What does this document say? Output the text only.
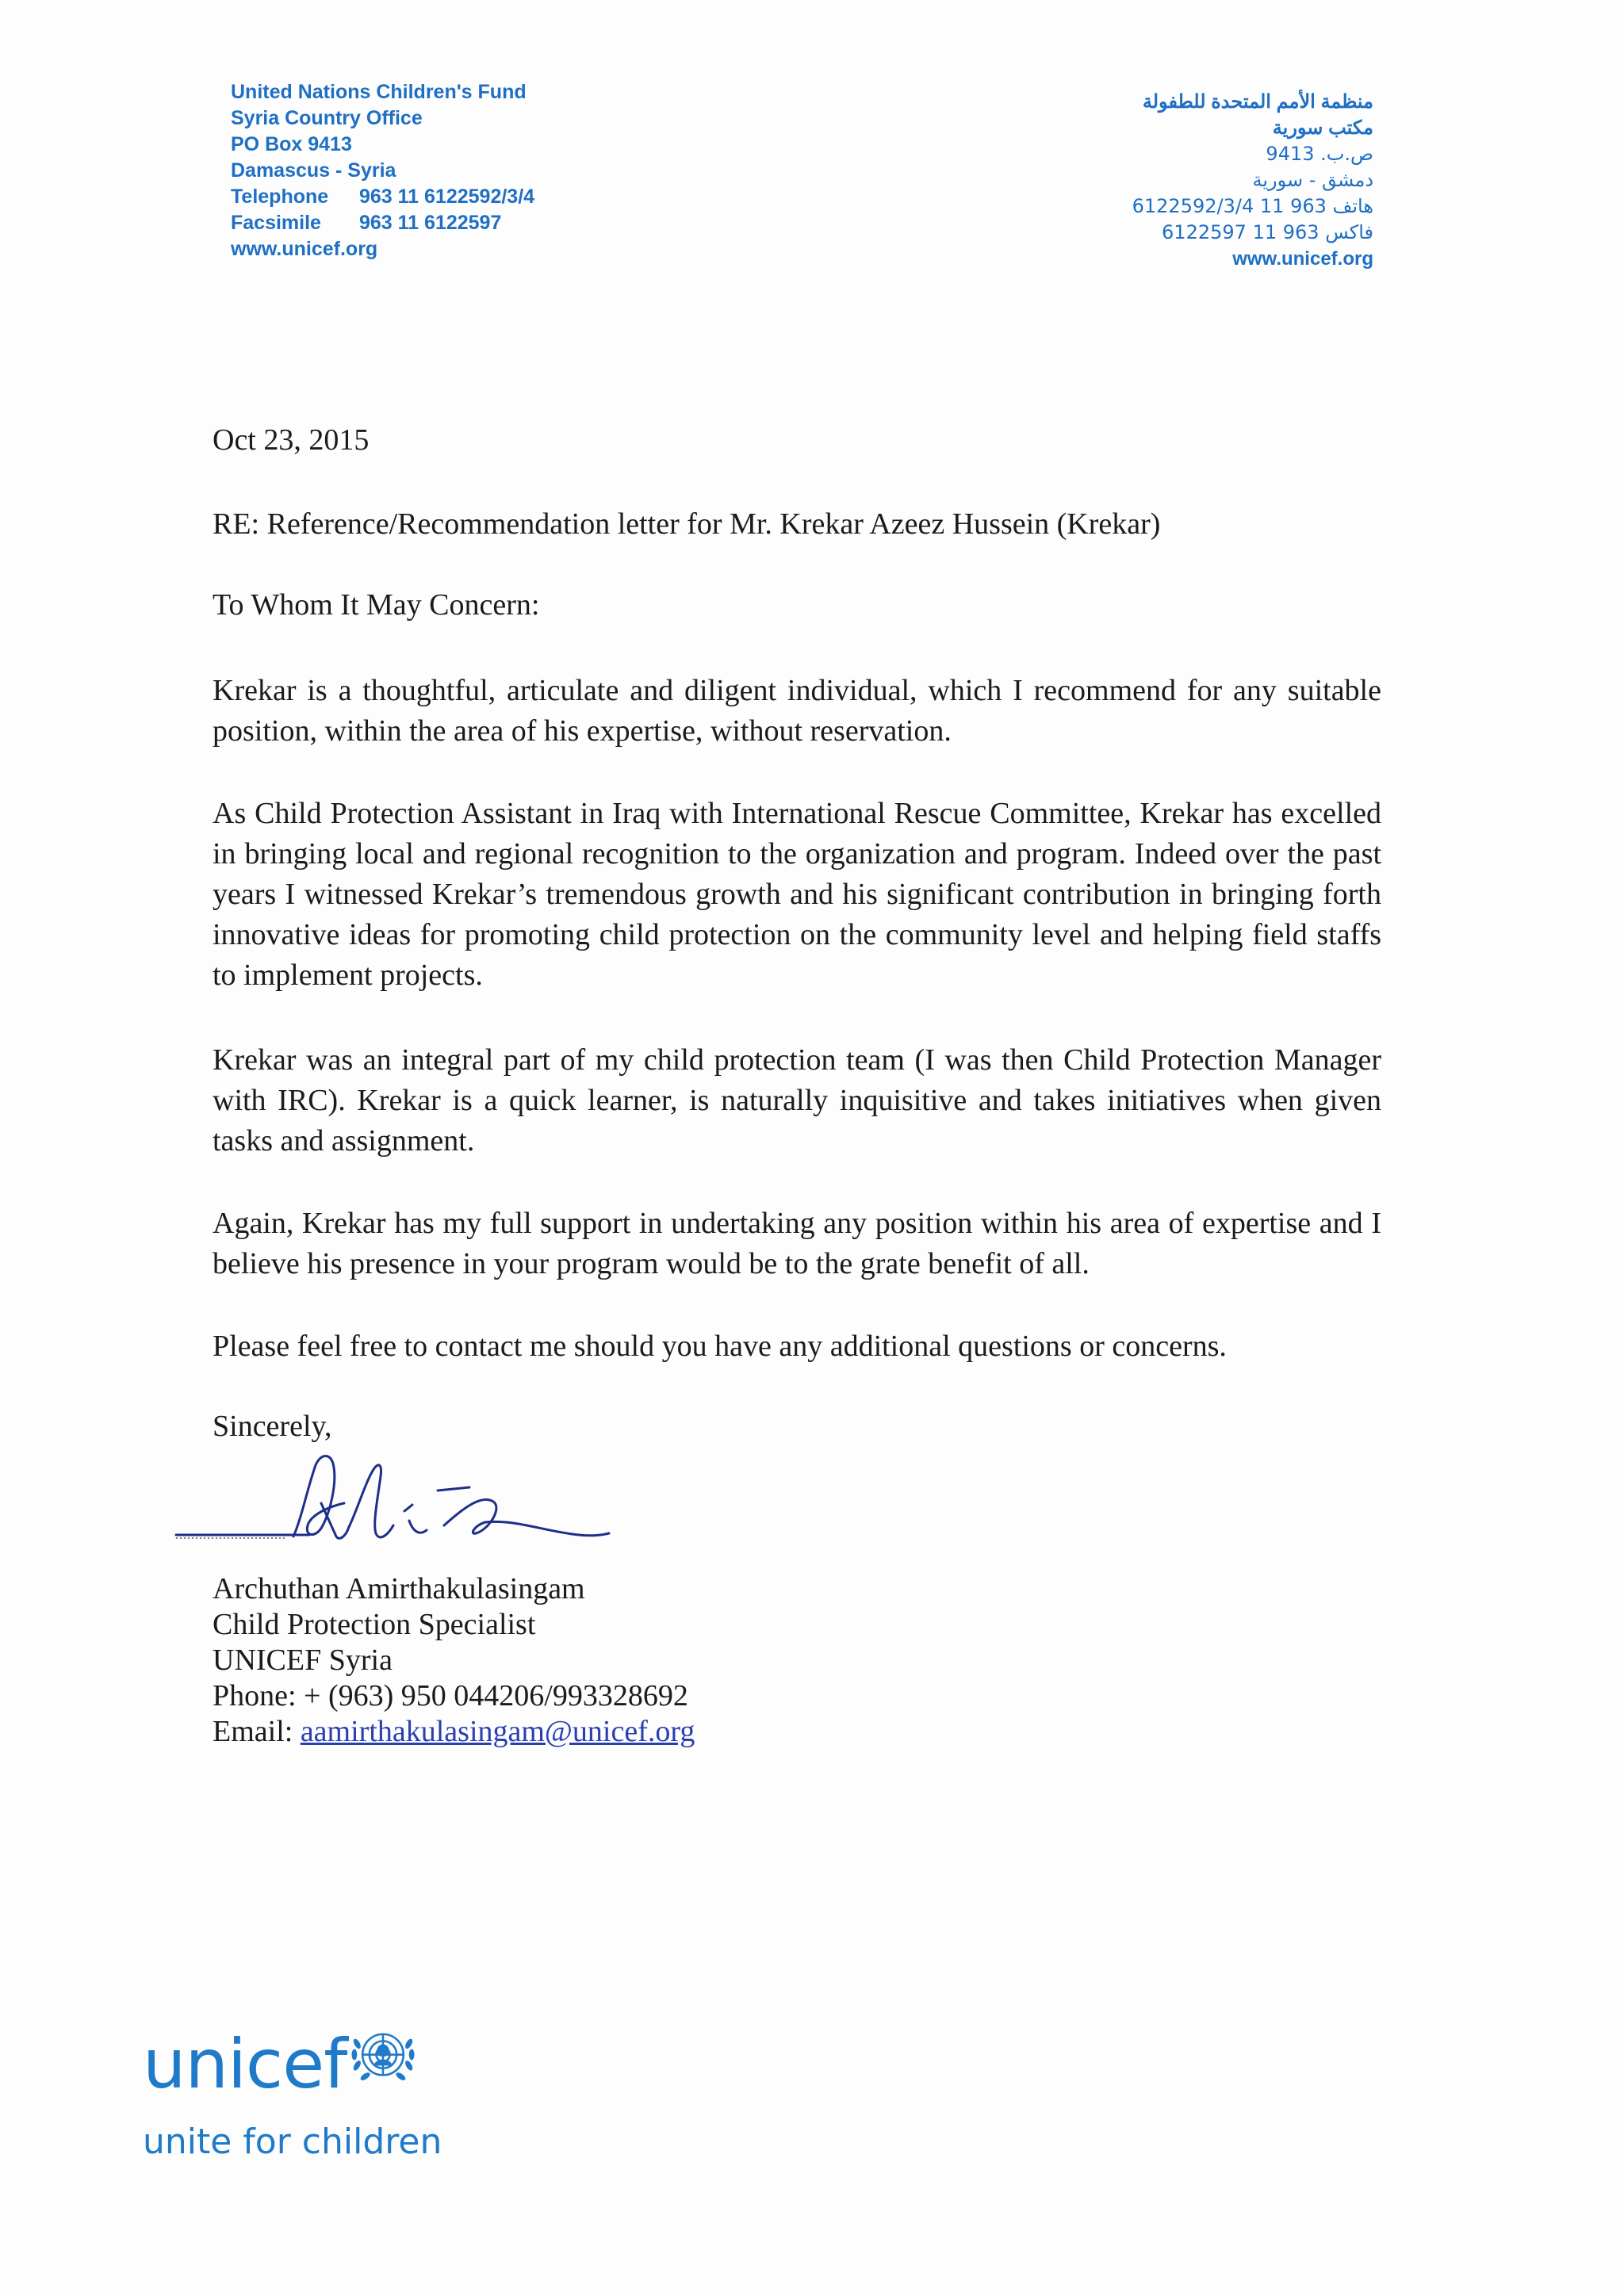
United Nations Children's Fund
Syria Country Office
PO Box 9413
Damascus - Syria
Telephone 963 11 6122592/3/4
Facsimile 963 11 6122597
www.unicef.org
منظمة الأمم المتحدة للطفولة
مكتب سورية
ص.ب. 9413
دمشق - سورية
هاتف 963 11 6122592/3/4
فاكس 963 11 6122597
www.unicef.org

Oct 23, 2015

RE: Reference/Recommendation letter for Mr. Krekar Azeez Hussein (Krekar)

To Whom It May Concern:

Krekar is a thoughtful, articulate and diligent individual, which I recommend for any suitable position, within the area of his expertise, without reservation.

As Child Protection Assistant in Iraq with International Rescue Committee, Krekar has excelled in bringing local and regional recognition to the organization and program. Indeed over the past years I witnessed Krekar’s tremendous growth and his significant contribution in bringing forth innovative ideas for promoting child protection on the community level and helping field staffs to implement projects.

Krekar was an integral part of my child protection team (I was then Child Protection Manager with IRC). Krekar is a quick learner, is naturally inquisitive and takes initiatives when given tasks and assignment.

Again, Krekar has my full support in undertaking any position within his area of expertise and I believe his presence in your program would be to the grate benefit of all.

Please feel free to contact me should you have any additional questions or concerns.

Sincerely,

Archuthan Amirthakulasingam
Child Protection Specialist
UNICEF Syria
Phone: + (963) 950 044206/993328692
Email: aamirthakulasingam@unicef.org
unicef
unite for children
